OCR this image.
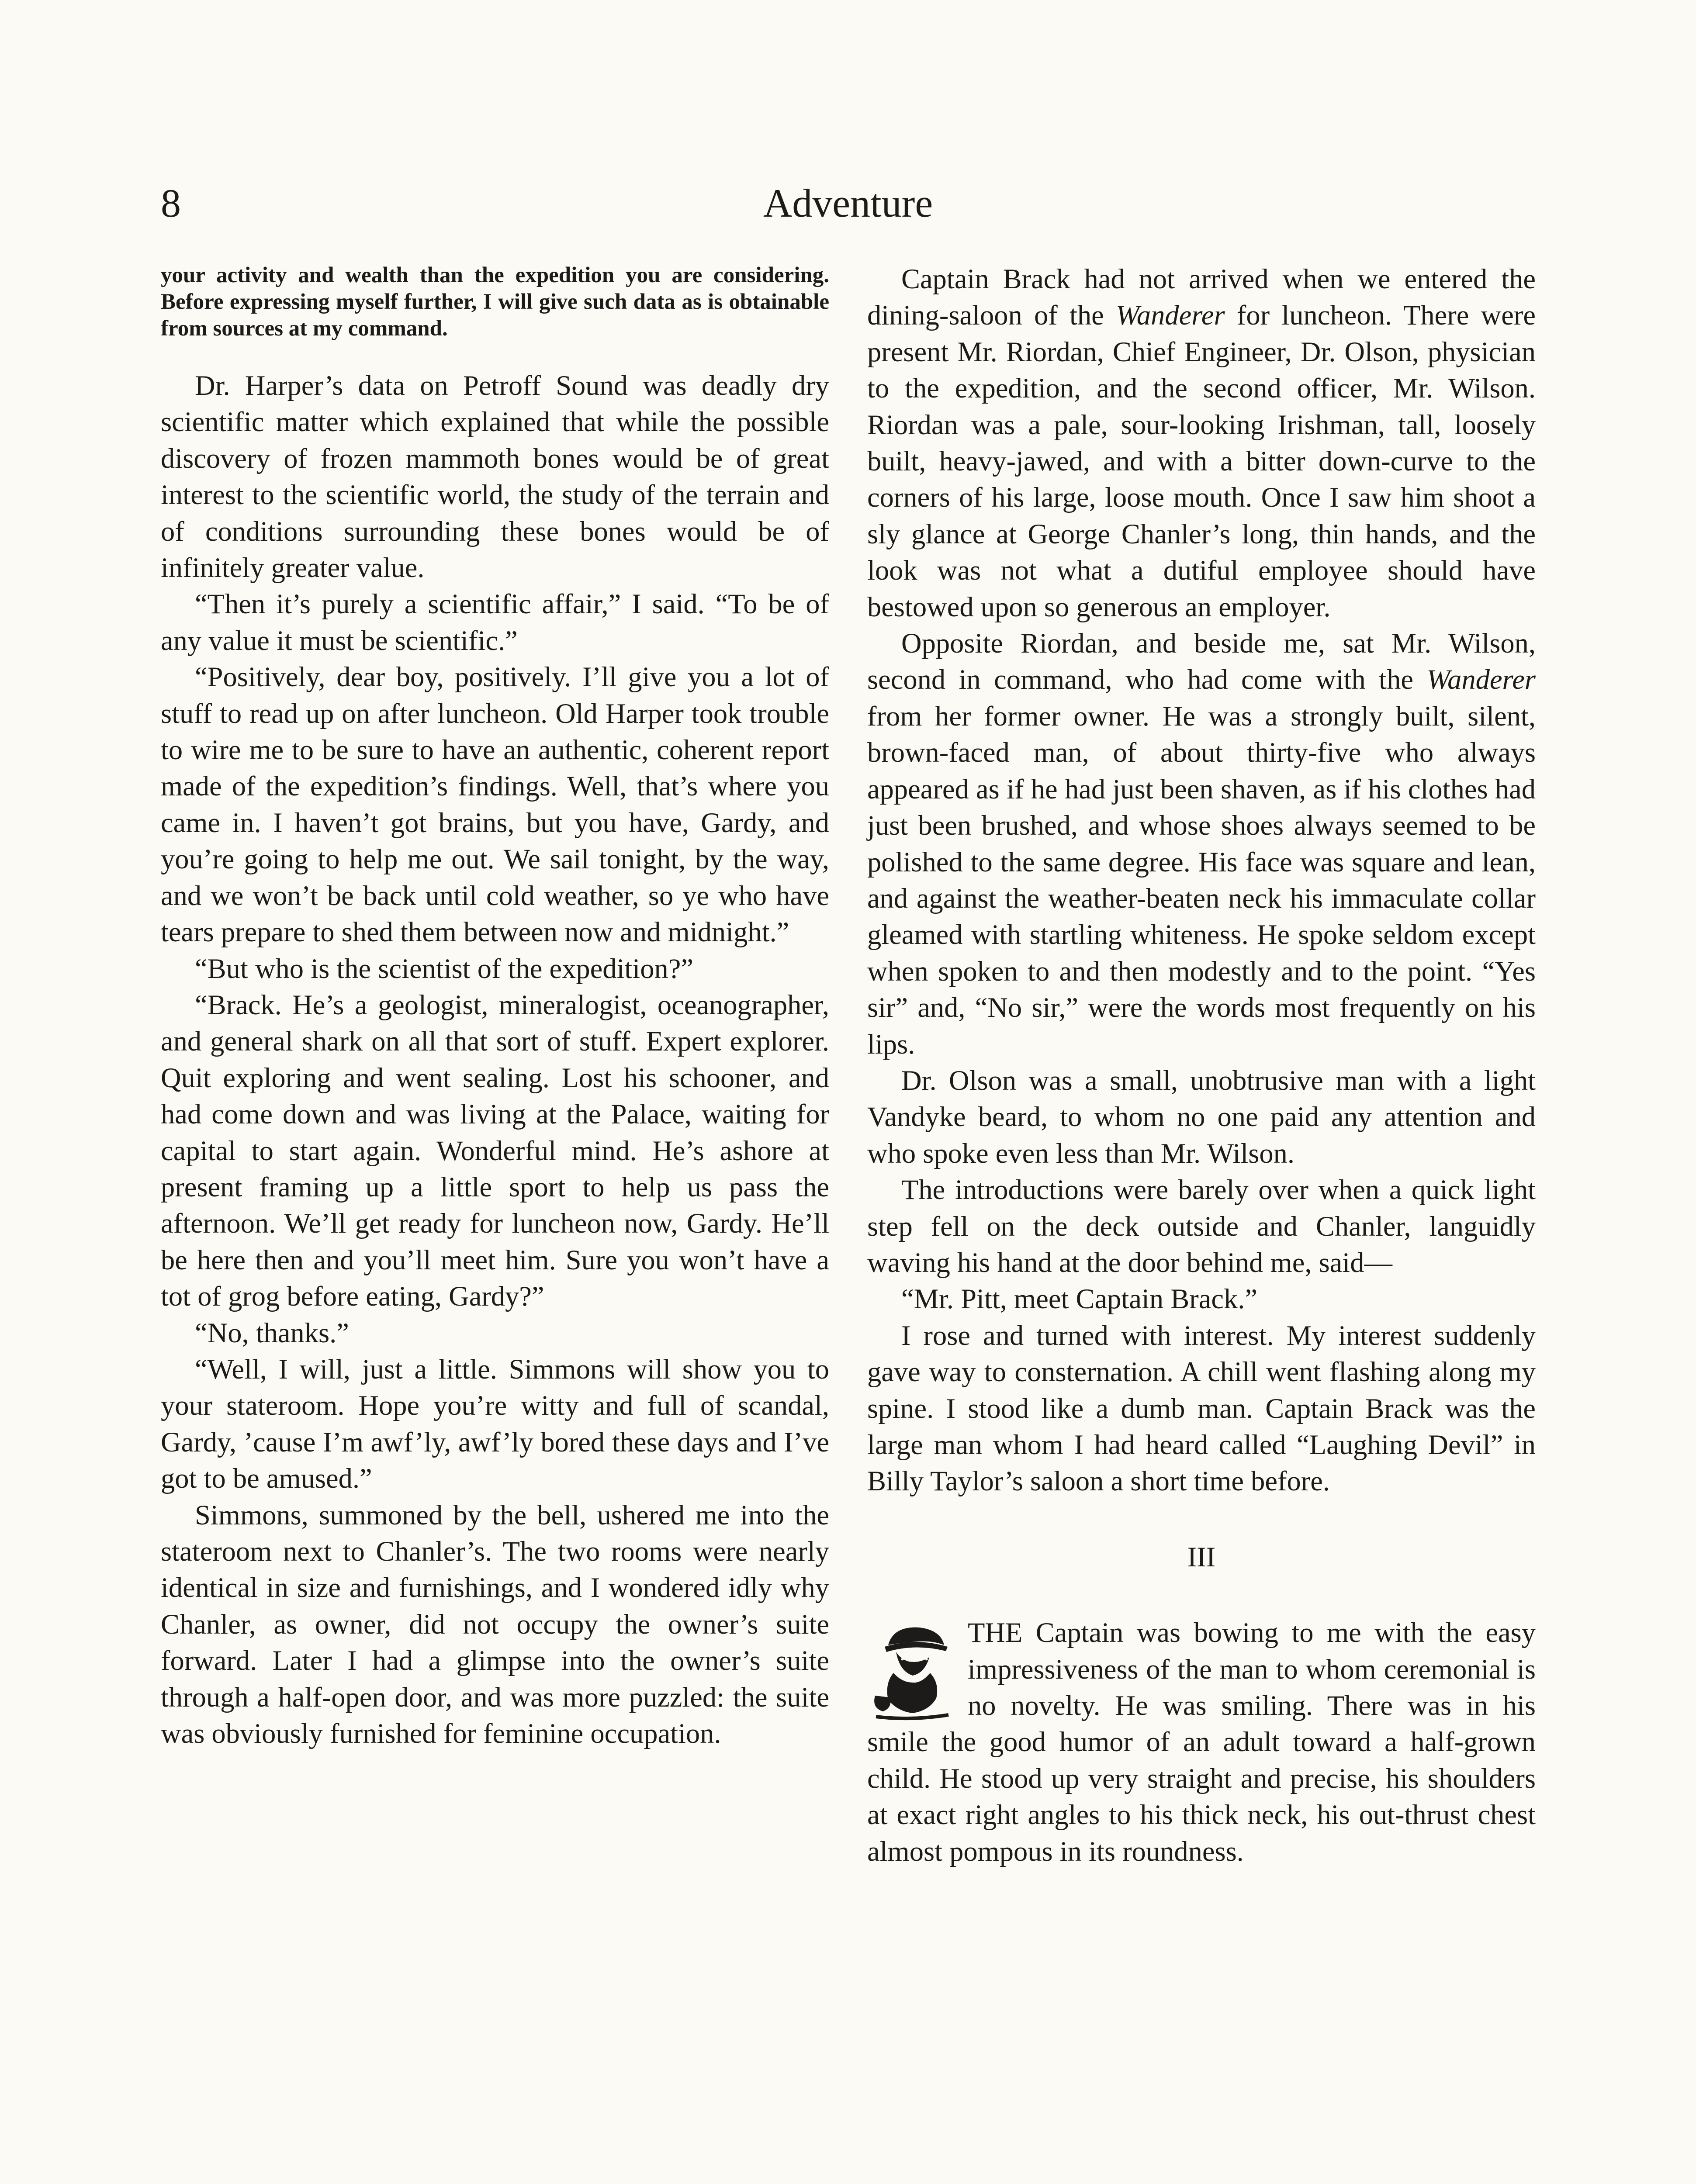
8	Adventure

your activity and wealth than the expedition you are considering. Before expressing myself further, I will give such data as is obtainable from sources at my command.

Dr. Harper’s data on Petroff Sound was deadly dry scientific matter which explained that while the possible discovery of frozen mammoth bones would be of great interest to the scientific world, the study of the terrain and of conditions surrounding these bones would be of infinitely greater value.

“Then it’s purely a scientific affair,” I said. “To be of any value it must be scientific.”

“Positively, dear boy, positively. I’ll give you a lot of stuff to read up on after luncheon. Old Harper took trouble to wire me to be sure to have an authentic, coherent report made of the expedition’s findings. Well, that’s where you came in. I haven’t got brains, but you have, Gardy, and you’re going to help me out. We sail tonight, by the way, and we won’t be back until cold weather, so ye who have tears prepare to shed them between now and midnight.”

“But who is the scientist of the expedition?”

“Brack. He’s a geologist, mineralogist, oceanographer, and general shark on all that sort of stuff. Expert explorer. Quit exploring and went sealing. Lost his schooner, and had come down and was living at the Palace, waiting for capital to start again. Wonderful mind. He’s ashore at present framing up a little sport to help us pass the afternoon. We’ll get ready for luncheon now, Gardy. He’ll be here then and you’ll meet him. Sure you won’t have a tot of grog before eating, Gardy?”

“No, thanks.”

“Well, I will, just a little. Simmons will show you to your stateroom. Hope you’re witty and full of scandal, Gardy, ’cause I’m awf’ly, awf’ly bored these days and I’ve got to be amused.”

Simmons, summoned by the bell, ushered me into the stateroom next to Chanler’s. The two rooms were nearly identical in size and furnishings, and I wondered idly why Chanler, as owner, did not occupy the owner’s suite forward. Later I had a glimpse into the owner’s suite through a half-open door, and was more puzzled: the suite was obviously furnished for feminine occupation.

Captain Brack had not arrived when we entered the dining-saloon of the Wanderer for luncheon. There were present Mr. Riordan, Chief Engineer, Dr. Olson, physician to the expedition, and the second officer, Mr. Wilson. Riordan was a pale, sour-looking Irishman, tall, loosely built, heavy-jawed, and with a bitter down-curve to the corners of his large, loose mouth. Once I saw him shoot a sly glance at George Chanler’s long, thin hands, and the look was not what a dutiful employee should have bestowed upon so generous an employer.

Opposite Riordan, and beside me, sat Mr. Wilson, second in command, who had come with the Wanderer from her former owner. He was a strongly built, silent, brown-faced man, of about thirty-five who always appeared as if he had just been shaven, as if his clothes had just been brushed, and whose shoes always seemed to be polished to the same degree. His face was square and lean, and against the weather-beaten neck his immaculate collar gleamed with startling whiteness. He spoke seldom except when spoken to and then modestly and to the point. “Yes sir” and, “No sir,” were the words most frequently on his lips.

Dr. Olson was a small, unobtrusive man with a light Vandyke beard, to whom no one paid any attention and who spoke even less than Mr. Wilson.

The introductions were barely over when a quick light step fell on the deck outside and Chanler, languidly waving his hand at the door behind me, said—

“Mr. Pitt, meet Captain Brack.”

I rose and turned with interest. My interest suddenly gave way to consternation. A chill went flashing along my spine. I stood like a dumb man. Captain Brack was the large man whom I had heard called “Laughing Devil” in Billy Taylor’s saloon a short time before.

III

THE Captain was bowing to me with the easy impressiveness of the man to whom ceremonial is no novelty. He was smiling. There was in his smile the good humor of an adult toward a half-grown child. He stood up very straight and precise, his shoulders at exact right angles to his thick neck, his out-thrust chest almost pompous in its roundness.
